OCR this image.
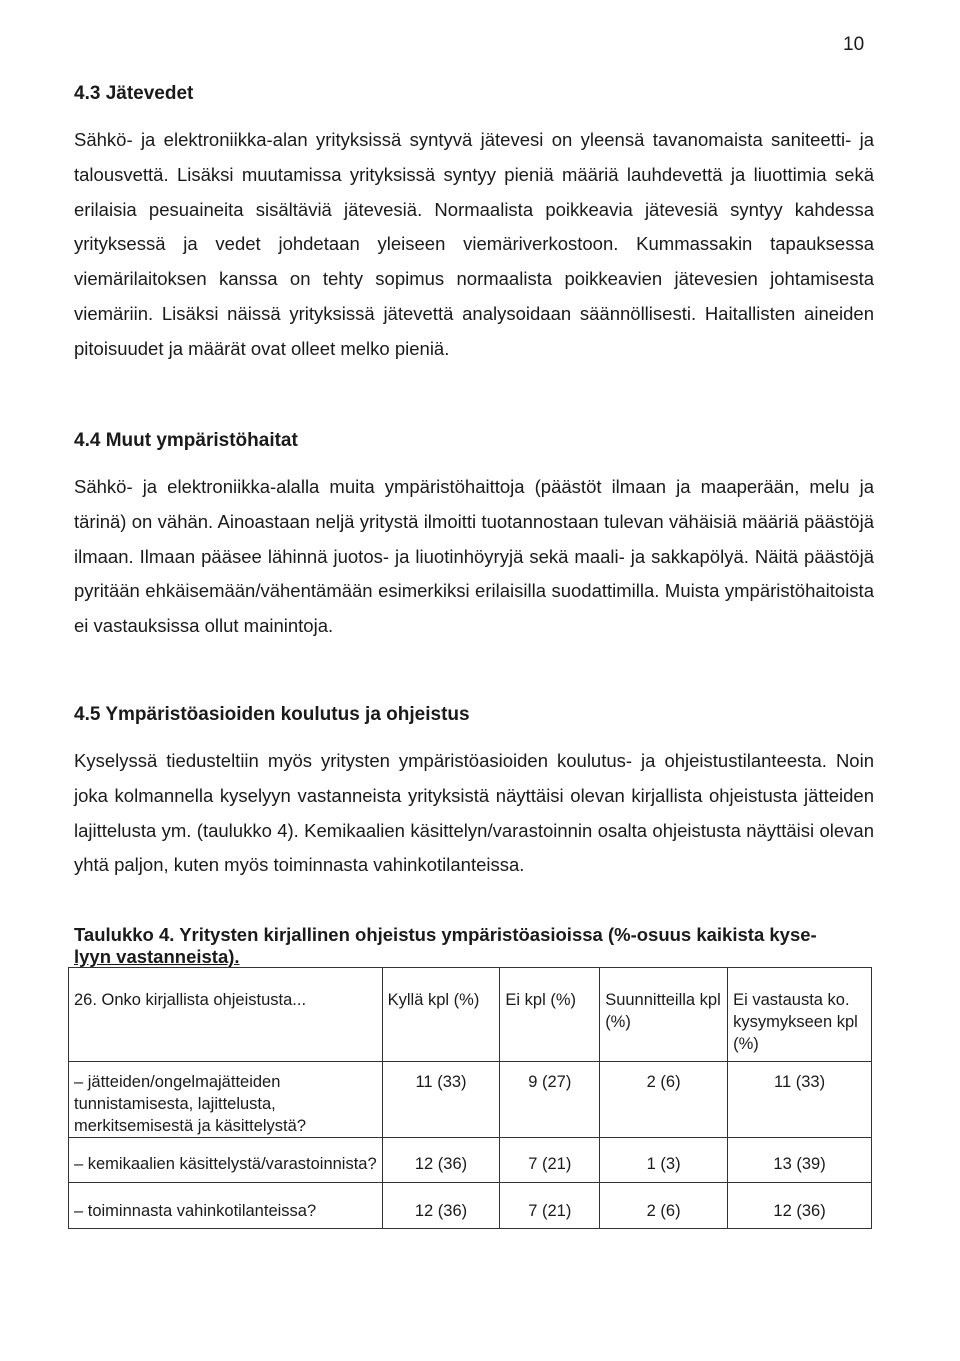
10
4.3 Jätevedet

Sähkö- ja elektroniikka-alan yrityksissä syntyvä jätevesi on yleensä tavanomaista saniteetti- ja talousvettä. Lisäksi muutamissa yrityksissä syntyy pieniä määriä lauhdevettä ja liuottimia sekä erilaisia pesuaineita sisältäviä jätevesiä. Normaalista poikkeavia jätevesiä syntyy kahdessa yrityksessä ja vedet johdetaan yleiseen viemäriverkostoon. Kummassakin tapauksessa viemärilaitoksen kanssa on tehty sopimus normaalista poikkeavien jätevesien johtamisesta viemäriin. Lisäksi näissä yrityksissä jätevettä analysoidaan säännöllisesti. Haitallisten aineiden pitoisuudet ja määrät ovat olleet melko pieniä.

4.4 Muut ympäristöhaitat

Sähkö- ja elektroniikka-alalla muita ympäristöhaittoja (päästöt ilmaan ja maaperään, melu ja tärinä) on vähän. Ainoastaan neljä yritystä ilmoitti tuotannostaan tulevan vähäisiä määriä päästöjä ilmaan. Ilmaan pääsee lähinnä juotos- ja liuotinhöyryjä sekä maali- ja sakkapölyä. Näitä päästöjä pyritään ehkäisemään/vähentämään esimerkiksi erilaisilla suodattimilla. Muista ympäristöhaitoista ei vastauksissa ollut mainintoja.

4.5 Ympäristöasioiden koulutus ja ohjeistus

Kyselyssä tiedusteltiin myös yritysten ympäristöasioiden koulutus- ja ohjeistustilanteesta. Noin joka kolmannella kyselyyn vastanneista yrityksistä näyttäisi olevan kirjallista ohjeistusta jätteiden lajittelusta ym. (taulukko 4). Kemikaalien käsittelyn/varastoinnin osalta ohjeistusta näyttäisi olevan yhtä paljon, kuten myös toiminnasta vahinkotilanteissa.

Taulukko 4. Yritysten kirjallinen ohjeistus ympäristöasioissa (%-osuus kaikista kyse-
lyyn vastanneista).
26. Onko kirjallista ohjeistusta...	Kyllä kpl (%)	Ei kpl (%)	Suunnitteilla kpl (%)	Ei vastausta ko. kysymykseen kpl (%)
– jätteiden/ongelmajätteiden tunnistamisesta, lajittelusta, merkitsemisestä ja käsittelystä?	11 (33)	9 (27)	2 (6)	11 (33)
– kemikaalien käsittelystä/varastoinnista?	12 (36)	7 (21)	1 (3)	13 (39)
– toiminnasta vahinkotilanteissa?	12 (36)	7 (21)	2 (6)	12 (36)
